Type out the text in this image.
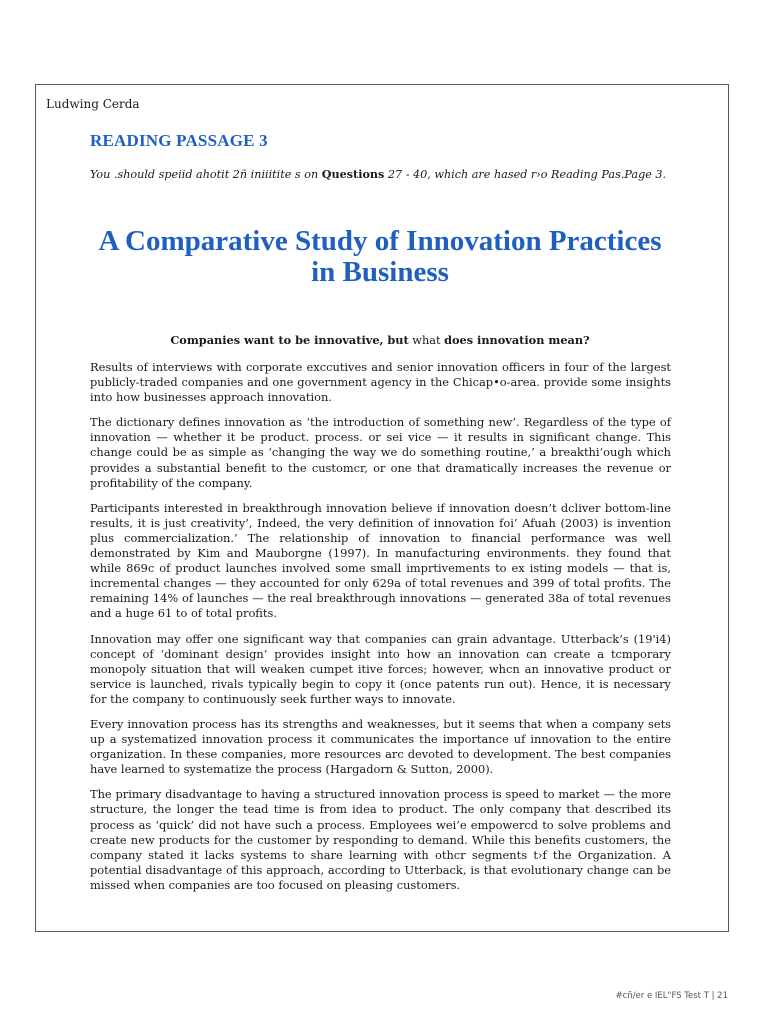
Ludwing Cerda
READING PASSAGE 3
You .should speiid ahotit 2ñ iniiitite s on Questions 27 - 40, which are hased r›o Reading Pas.Page 3.
A Comparative Study of Innovation Practices in Business
Companies want to be innovative, but what does innovation mean?

Results of interviews with corporate exccutives and senior innovation officers in four of the largest publicly-traded companies and one government agency in the Chicap•o-area. provide some insights into how businesses approach innovation.

The dictionary defines innovation as ‘the introduction of something new’. Regardless of the type of innovation — whether it be product. process. or sei vice — it results in significant change. This change could be as simple as ‘changing the way we do something routine,’ a breakthi‘ough which provides a substantial benefit to the customcr, or one that dramatically increases the revenue or profitability of the company.

Participants interested in breakthrough innovation believe if innovation doesn’t dcliver bottom-line results, it is just creativity’, Indeed, the very definition of innovation foi’ Afuah (2003) is invention plus commercialization.’ The relationship of innovation to financial performance was well demonstrated by Kim and Mauborgne (1997). In manufacturing environments. they found that while 869c of product launches involved some small imprtivements to ex isting models — that is, incremental changes — they accounted for only 629a of total revenues and 399 of total profits. The remaining 14% of launches — the real breakthrough innovations — generated 38a of total revenues and a huge 61 to of total profits.

Innovation may offer one significant way that companies can grain advantage. Utterback’s (19'i4) concept of ‘dominant design’ provides insight into how an innovation can create a tcmporary monopoly situation that will weaken cumpet itive forces; however, whcn an innovative product or service is launched, rivals typically begin to copy it (once patents run out). Hence, it is necessary for the company to continuously seek further ways to innovate.

Every innovation process has its strengths and weaknesses, but it seems that when a company sets up a systematized innovation process it communicates the importance uf innovation to the entire organization. In these companies, more resources arc devoted to development. The best companies have learned to systematize the process (Hargadorn & Sutton, 2000).

The primary disadvantage to having a structured innovation process is speed to market — the more structure, the longer the tead time is from idea to product. The only company that described its process as ‘quick’ did not have such a process. Employees wei’e empowercd to solve problems and create new products for the customer by responding to demand. While this benefits customers, the company stated it lacks systems to share learning with othcr segments t›f the Organization. A potential disadvantage of this approach, according to Utterback, is that evolutionary change can be missed when companies are too focused on pleasing customers.

#cñ/er e IEL"FS Test T | 21
